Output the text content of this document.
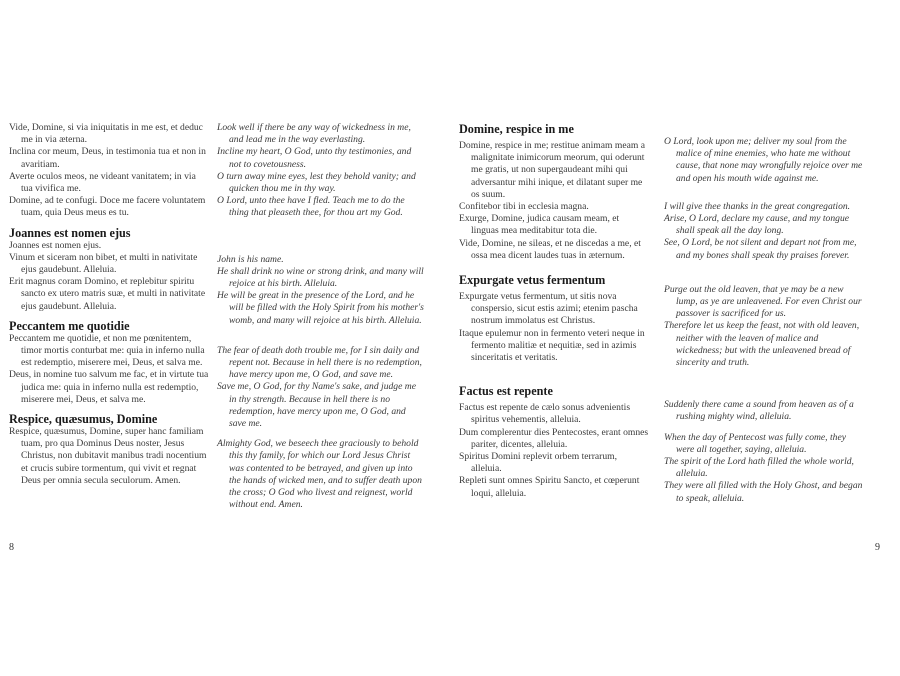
Vide, Domine, si via iniquitatis in me est, et deduc me in via æterna.
Inclina cor meum, Deus, in testimonia tua et non in avaritiam.
Averte oculos meos, ne videant vanitatem; in via tua vivifica me.
Domine, ad te confugi. Doce me facere voluntatem tuam, quia Deus meus es tu.

Joannes est nomen ejus

Joannes est nomen ejus.
Vinum et siceram non bibet, et multi in nativitate ejus gaudebunt. Alleluia.
Erit magnus coram Domino, et replebitur spiritu sancto ex utero matris suæ, et multi in nativitate ejus gaudebunt. Alleluia.

Peccantem me quotidie

Peccantem me quotidie, et non me pœnitentem, timor mortis conturbat me: quia in inferno nulla est redemptio, miserere mei, Deus, et salva me.
Deus, in nomine tuo salvum me fac, et in virtute tua judica me: quia in inferno nulla est redemptio, miserere mei, Deus, et salva me.

Respice, quæsumus, Domine

Respice, quæsumus, Domine, super hanc familiam tuam, pro qua Dominus Deus noster, Jesus Christus, non dubitavit manibus tradi nocentium et crucis subire tormentum, qui vivit et regnat Deus per omnia secula seculorum. Amen.
Look well if there be any way of wickedness in me, and lead me in the way everlasting.
Incline my heart, O God, unto thy testimonies, and not to covetousness.
O turn away mine eyes, lest they behold vanity; and quicken thou me in thy way.
O Lord, unto thee have I fled. Teach me to do the thing that pleaseth thee, for thou art my God.
John is his name.
He shall drink no wine or strong drink, and many will rejoice at his birth. Alleluia.
He will be great in the presence of the Lord, and he will be filled with the Holy Spirit from his mother's womb, and many will rejoice at his birth. Alleluia.
The fear of death doth trouble me, for I sin daily and repent not. Because in hell there is no redemption, have mercy upon me, O God, and save me.
Save me, O God, for thy Name's sake, and judge me in thy strength. Because in hell there is no redemption, have mercy upon me, O God, and save me.
Almighty God, we beseech thee graciously to behold this thy family, for which our Lord Jesus Christ was contented to be betrayed, and given up into the hands of wicked men, and to suffer death upon the cross; O God who livest and reignest, world without end. Amen.

Domine, respice in me

Domine, respice in me; restitue animam meam a malignitate inimicorum meorum, qui oderunt me gratis, ut non supergaudeant mihi qui adversantur mihi inique, et dilatant super me os suum.
Confitebor tibi in ecclesia magna.
Exurge, Domine, judica causam meam, et linguas mea meditabitur tota die.
Vide, Domine, ne sileas, et ne discedas a me, et ossa mea dicent laudes tuas in æternum.

Expurgate vetus fermentum

Expurgate vetus fermentum, ut sitis nova conspersio, sicut estis azimi; etenim pascha nostrum immolatus est Christus.
Itaque epulemur non in fermento veteri neque in fermento malitiæ et nequitiæ, sed in azimis sinceritatis et veritatis.

Factus est repente

Factus est repente de cælo sonus advenientis spiritus vehementis, alleluia.
Dum complerentur dies Pentecostes, erant omnes pariter, dicentes, alleluia.
Spiritus Domini replevit orbem terrarum, alleluia.
Repleti sunt omnes Spiritu Sancto, et cœperunt loqui, alleluia.
O Lord, look upon me; deliver my soul from the malice of mine enemies, who hate me without cause, that none may wrongfully rejoice over me and open his mouth wide against me.
I will give thee thanks in the great congregation.
Arise, O Lord, declare my cause, and my tongue shall speak all the day long.
See, O Lord, be not silent and depart not from me, and my bones shall speak thy praises forever.
Purge out the old leaven, that ye may be a new lump, as ye are unleavened. For even Christ our passover is sacrificed for us.
Therefore let us keep the feast, not with old leaven, neither with the leaven of malice and wickedness; but with the unleavened bread of sincerity and truth.
Suddenly there came a sound from heaven as of a rushing mighty wind, alleluia.
When the day of Pentecost was fully come, they were all together, saying, alleluia.
The spirit of the Lord hath filled the whole world, alleluia.
They were all filled with the Holy Ghost, and began to speak, alleluia.
8	9
